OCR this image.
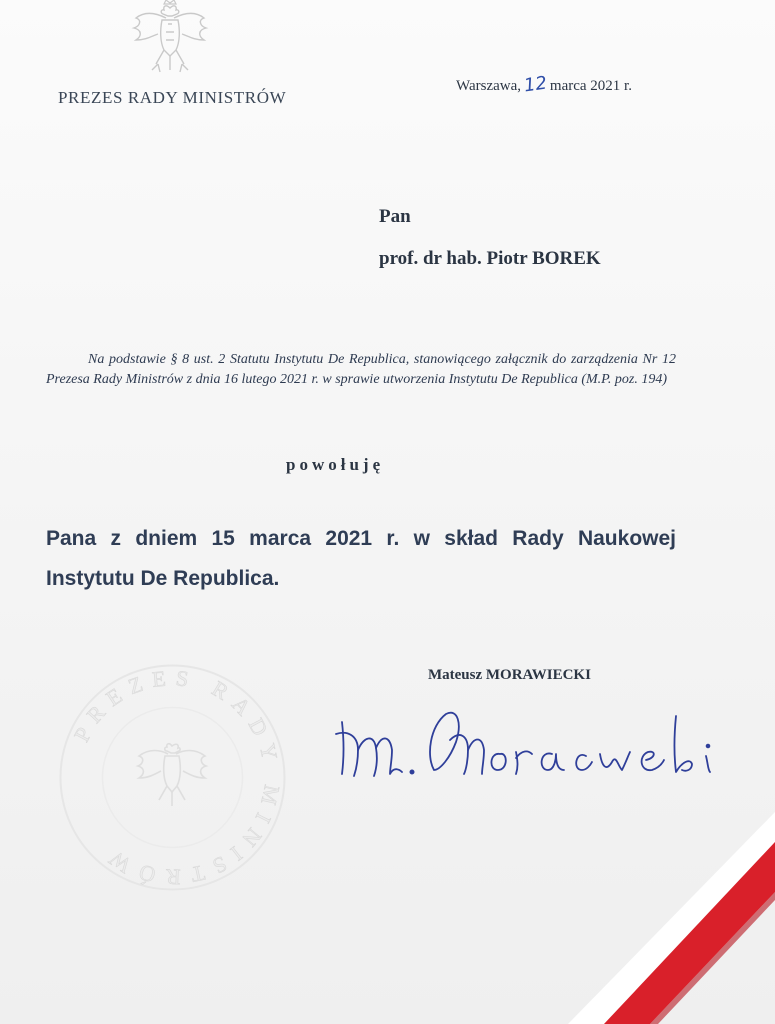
PREZES RADY MINISTRÓW
Warszawa,12 marca 2021 r.
Pan
prof. dr hab. Piotr BOREK
Na podstawie § 8 ust. 2 Statutu Instytutu De Republica, stanowiącego załącznik do zarządzenia Nr 12 Prezesa Rady Ministrów z dnia 16 lutego 2021 r. w sprawie utworzenia Instytutu De Republica (M.P. poz. 194)
powołuję
Pana z dniem 15 marca 2021 r. w skład Rady Naukowej Instytutu De Republica.
Mateusz MORAWIECKI
PREZES RADY MINISTRÓW
